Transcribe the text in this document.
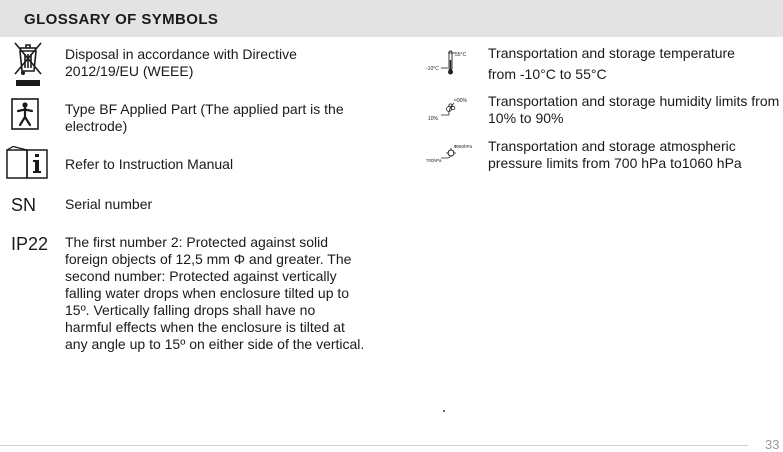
GLOSSARY OF SYMBOLS
Disposal in accordance with Directive 2012/19/EU (WEEE)
Type BF Applied Part (The applied part is the electrode)
Refer to Instruction Manual
SN Serial number
IP22 The first number 2: Protected against solid foreign objects of 12,5 mm Φ and greater. The second number: Protected against vertically falling water drops when enclosure tilted up to 15º. Vertically falling drops shall have no harmful effects when the enclosure is tilted at any angle up to 15º on either side of the vertical.
55°C
-10°C
Transportation and storage temperature
from -10°C to 55°C
90%
10%
Transportation and storage humidity limits from 10% to 90%
1060hPa
700hPa
Transportation and storage atmospheric pressure limits from 700 hPa to1060 hPa
33
